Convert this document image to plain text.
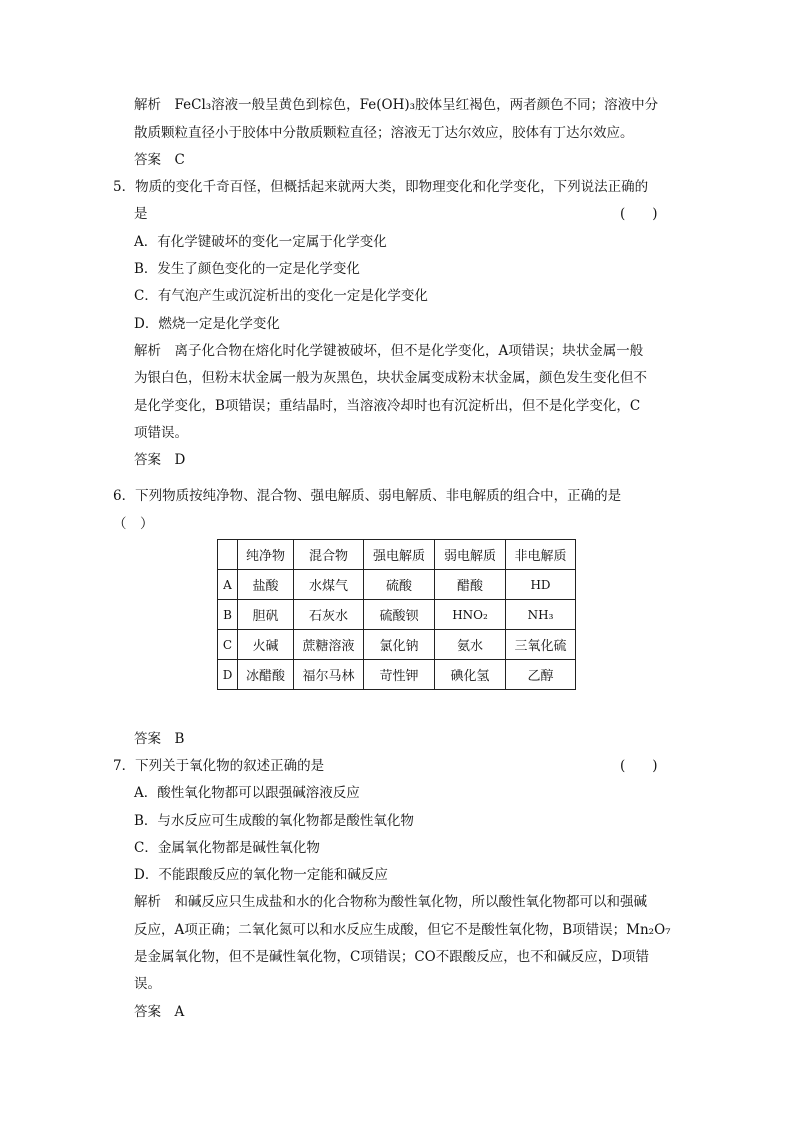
解析　FeCl₃溶液一般呈黄色到棕色，Fe(OH)₃胶体呈红褐色，两者颜色不同；溶液中分
散质颗粒直径小于胶体中分散质颗粒直径；溶液无丁达尔效应，胶体有丁达尔效应。
答案　C
5．物质的变化千奇百怪，但概括起来就两大类，即物理变化和化学变化，下列说法正确的
是	(　　)
A．有化学键破坏的变化一定属于化学变化
B．发生了颜色变化的一定是化学变化
C．有气泡产生或沉淀析出的变化一定是化学变化
D．燃烧一定是化学变化
解析　离子化合物在熔化时化学键被破坏，但不是化学变化，A项错误；块状金属一般
为银白色，但粉末状金属一般为灰黑色，块状金属变成粉末状金属，颜色发生变化但不
是化学变化，B项错误；重结晶时，当溶液冷却时也有沉淀析出，但不是化学变化，C
项错误。
答案　D
6．下列物质按纯净物、混合物、强电解质、弱电解质、非电解质的组合中，正确的是
（　）
	纯净物	混合物	强电解质	弱电解质	非电解质
A	盐酸	水煤气	硫酸	醋酸	HD
B	胆矾	石灰水	硫酸钡	HNO₂	NH₃
C	火碱	蔗糖溶液	氯化钠	氨水	三氧化硫
D	冰醋酸	福尔马林	苛性钾	碘化氢	乙醇
答案　B
7．下列关于氧化物的叙述正确的是	(　　)
A．酸性氧化物都可以跟强碱溶液反应
B．与水反应可生成酸的氧化物都是酸性氧化物
C．金属氧化物都是碱性氧化物
D．不能跟酸反应的氧化物一定能和碱反应
解析　和碱反应只生成盐和水的化合物称为酸性氧化物，所以酸性氧化物都可以和强碱
反应，A项正确；二氧化氮可以和水反应生成酸，但它不是酸性氧化物，B项错误；Mn₂O₇
是金属氧化物，但不是碱性氧化物，C项错误；CO不跟酸反应，也不和碱反应，D项错
误。
答案　A
